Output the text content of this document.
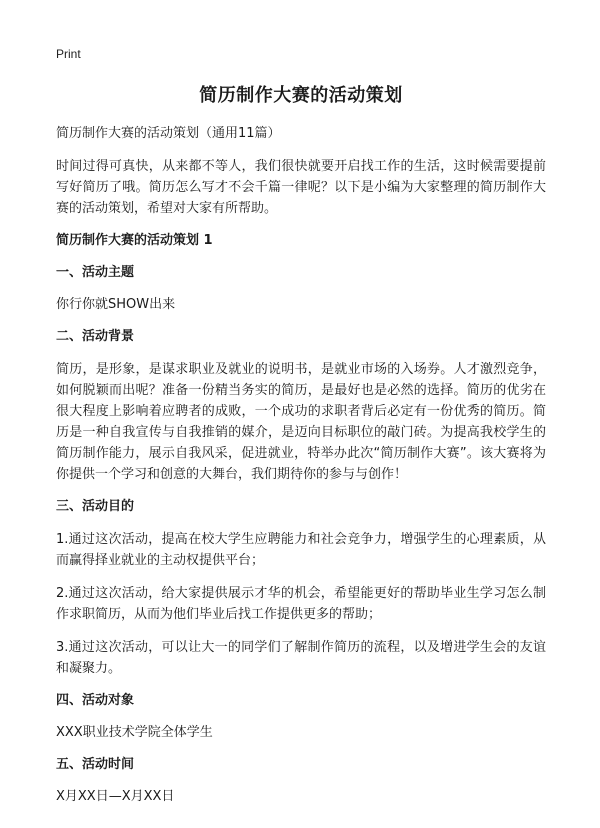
Print
简历制作大赛的活动策划
简历制作大赛的活动策划（通用11篇）
时间过得可真快，从来都不等人，我们很快就要开启找工作的生活，这时候需要提前写好简历了哦。简历怎么写才不会千篇一律呢？以下是小编为大家整理的简历制作大赛的活动策划，希望对大家有所帮助。
简历制作大赛的活动策划 1
一、活动主题
你行你就SHOW出来
二、活动背景
简历，是形象，是谋求职业及就业的说明书，是就业市场的入场券。人才激烈竞争，如何脱颖而出呢？准备一份精当务实的简历，是最好也是必然的选择。简历的优劣在很大程度上影响着应聘者的成败，一个成功的求职者背后必定有一份优秀的简历。简历是一种自我宣传与自我推销的媒介，是迈向目标职位的敲门砖。为提高我校学生的简历制作能力，展示自我风采，促进就业，特举办此次“简历制作大赛”。该大赛将为你提供一个学习和创意的大舞台，我们期待你的参与与创作！
三、活动目的
1.通过这次活动，提高在校大学生应聘能力和社会竞争力，增强学生的心理素质，从而赢得择业就业的主动权提供平台；
2.通过这次活动，给大家提供展示才华的机会，希望能更好的帮助毕业生学习怎么制作求职简历，从而为他们毕业后找工作提供更多的帮助；
3.通过这次活动，可以让大一的同学们了解制作简历的流程，以及增进学生会的友谊和凝聚力。
四、活动对象
XXX职业技术学院全体学生
五、活动时间
X月XX日—X月XX日
